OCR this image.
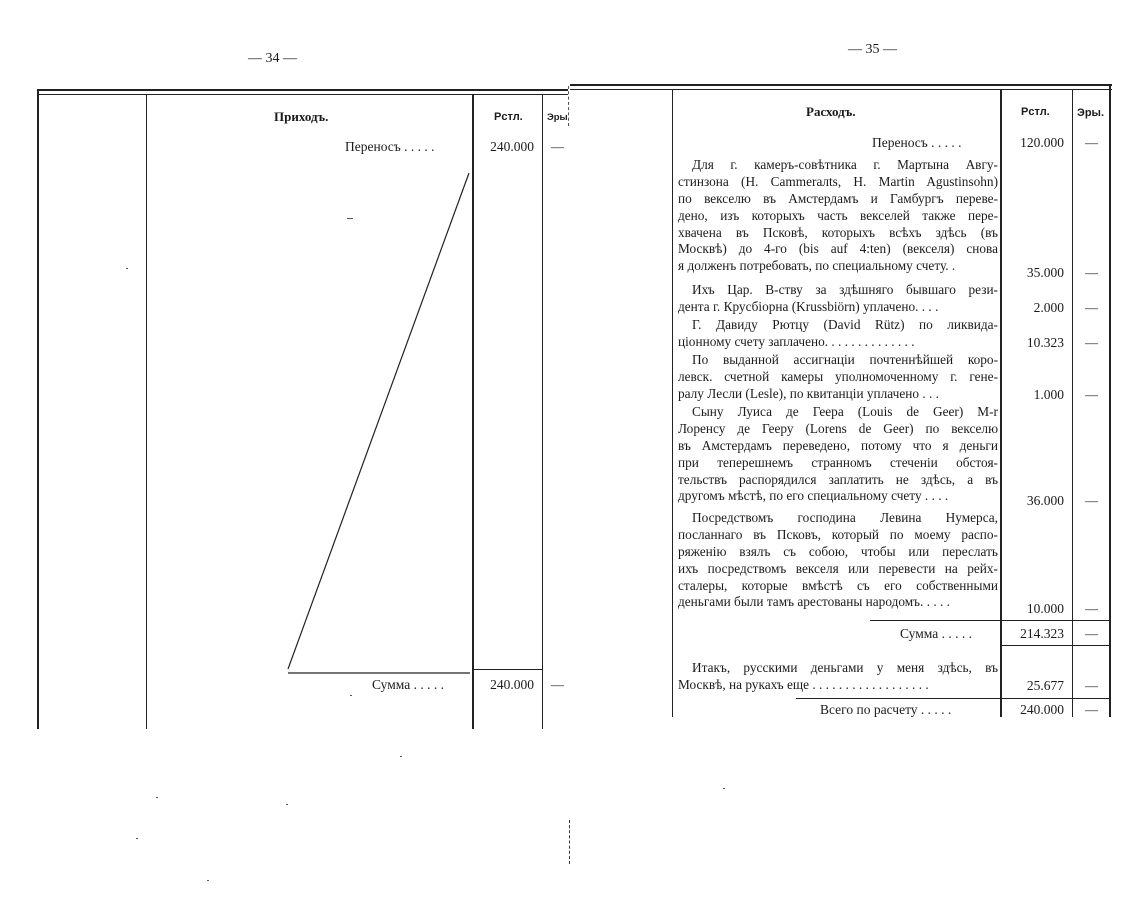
— 34 —
Приходъ.	Рстл.	Эры
Переносъ . . . . .	240.000 —
Сумма . . . . .	240.000 —
— 35 —
Расходъ.	Рстл. Эры.
Переносъ . . . . .	120.000 —
Для г. камеръ-совѣтника г. Мартына Авгу-
стинзона (H. Cammeraлts, H. Martin Agustinsohn)
по векселю въ Амстердамъ и Гамбургъ переве-
дено, изъ которыхъ часть векселей также пере-
хвачена въ Псковѣ, которыхъ всѣхъ здѣсь (въ
Москвѣ) до 4-го (bis auf 4:ten) (векселя) снова
я долженъ потребовать, по специальному счету. .	35.000 —
Ихъ Цар. В-ству за здѣшняго бывшаго рези-
дента г. Крусбiорна (Krussbiörn) уплачено. . . .	2.000 —
Г. Давиду Рютцу (David Rütz) по ликвида-
цiонному счету заплачено. . . . . . . . . . . . . .	10.323 —
По выданной ассигнацiи почтеннѣйшей коро-
левск. счетной камеры уполномоченному г. гене-
ралу Лесли (Lesle), по квитанцiи уплачено . . .	1.000 —
Сыну Луиса де Геера (Louis de Geer) M-r
Лоренсу де Гееру (Lorens de Geer) по векселю
въ Амстердамъ переведено, потому что я деньги
при теперешнемъ странномъ стеченiи обстоя-
тельствъ распорядился заплатить не здѣсь, а въ
другомъ мѣстѣ, по его специальному счету . . . .	36.000 —
Посредствомъ господина Левина Нумерса,
посланнаго въ Псковъ, который по моему распо-
ряженiю взялъ съ собою, чтобы или переслать
ихъ посредствомъ векселя или перевести на рейх-
сталеры, которые вмѣстѣ съ его собственными
деньгами были тамъ арестованы народомъ. . . . .	10.000 —
Сумма . . . . .	214.323 —
Итакъ, русскими деньгами у меня здѣсь, въ
Москвѣ, на рукахъ еще . . . . . . . . . . . . . . . . . .	25.677 —
Всего по расчету . . . . .	240.000 —
